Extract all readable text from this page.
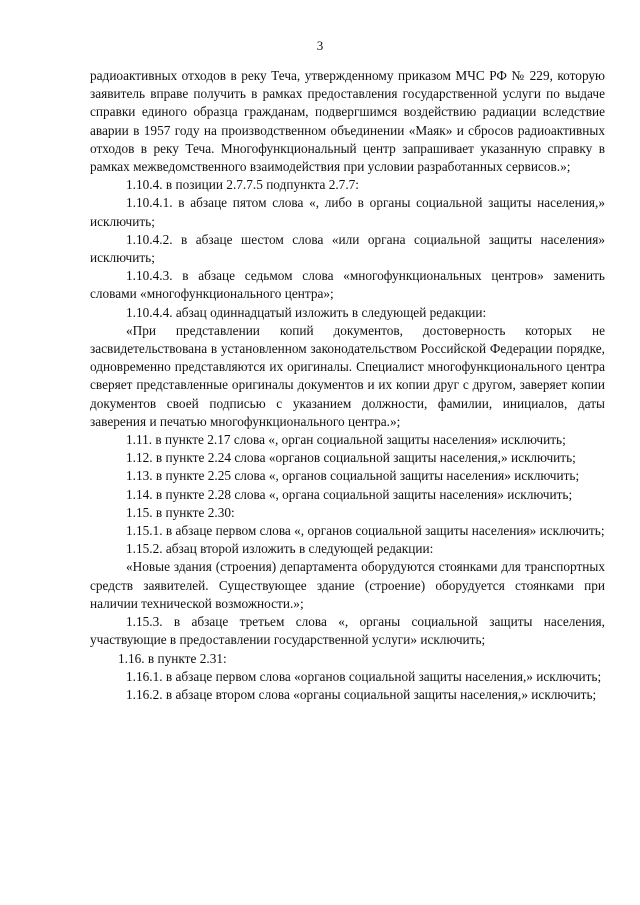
3

радиоактивных отходов в реку Теча, утвержденному приказом МЧС РФ № 229, которую заявитель вправе получить в рамках предоставления государственной услуги по выдаче справки единого образца гражданам, подвергшимся воздействию радиации вследствие аварии в 1957 году на производственном объединении «Маяк» и сбросов радиоактивных отходов в реку Теча. Многофункциональный центр запрашивает указанную справку в рамках межведомственного взаимодействия при условии разработанных сервисов.»;

1.10.4. в позиции 2.7.7.5 подпункта 2.7.7:

1.10.4.1. в абзаце пятом слова «, либо в органы социальной защиты населения,» исключить;

1.10.4.2. в абзаце шестом слова «или органа социальной защиты населения» исключить;

1.10.4.3. в абзаце седьмом слова «многофункциональных центров» заменить словами «многофункционального центра»;

1.10.4.4. абзац одиннадцатый изложить в следующей редакции:

«При представлении копий документов, достоверность которых не засвидетельствована в установленном законодательством Российской Федерации порядке, одновременно представляются их оригиналы. Специалист многофункционального центра сверяет представленные оригиналы документов и их копии друг с другом, заверяет копии документов своей подписью с указанием должности, фамилии, инициалов, даты заверения и печатью многофункционального центра.»;

1.11. в пункте 2.17 слова «, орган социальной защиты населения» исключить;

1.12. в пункте 2.24 слова «органов социальной защиты населения,» исключить;

1.13. в пункте 2.25 слова «, органов социальной защиты населения» исключить;

1.14. в пункте 2.28 слова «, органа социальной защиты населения» исключить;

1.15. в пункте 2.30:

1.15.1. в абзаце первом слова «, органов социальной защиты населения» исключить;

1.15.2. абзац второй изложить в следующей редакции:

«Новые здания (строения) департамента оборудуются стоянками для транспортных средств заявителей. Существующее здание (строение) оборудуется стоянками при наличии технической возможности.»;

1.15.3. в абзаце третьем слова «, органы социальной защиты населения, участвующие в предоставлении государственной услуги» исключить;

1.16. в пункте 2.31:

1.16.1. в абзаце первом слова «органов социальной защиты населения,» исключить;

1.16.2. в абзаце втором слова «органы социальной защиты населения,» исключить;
